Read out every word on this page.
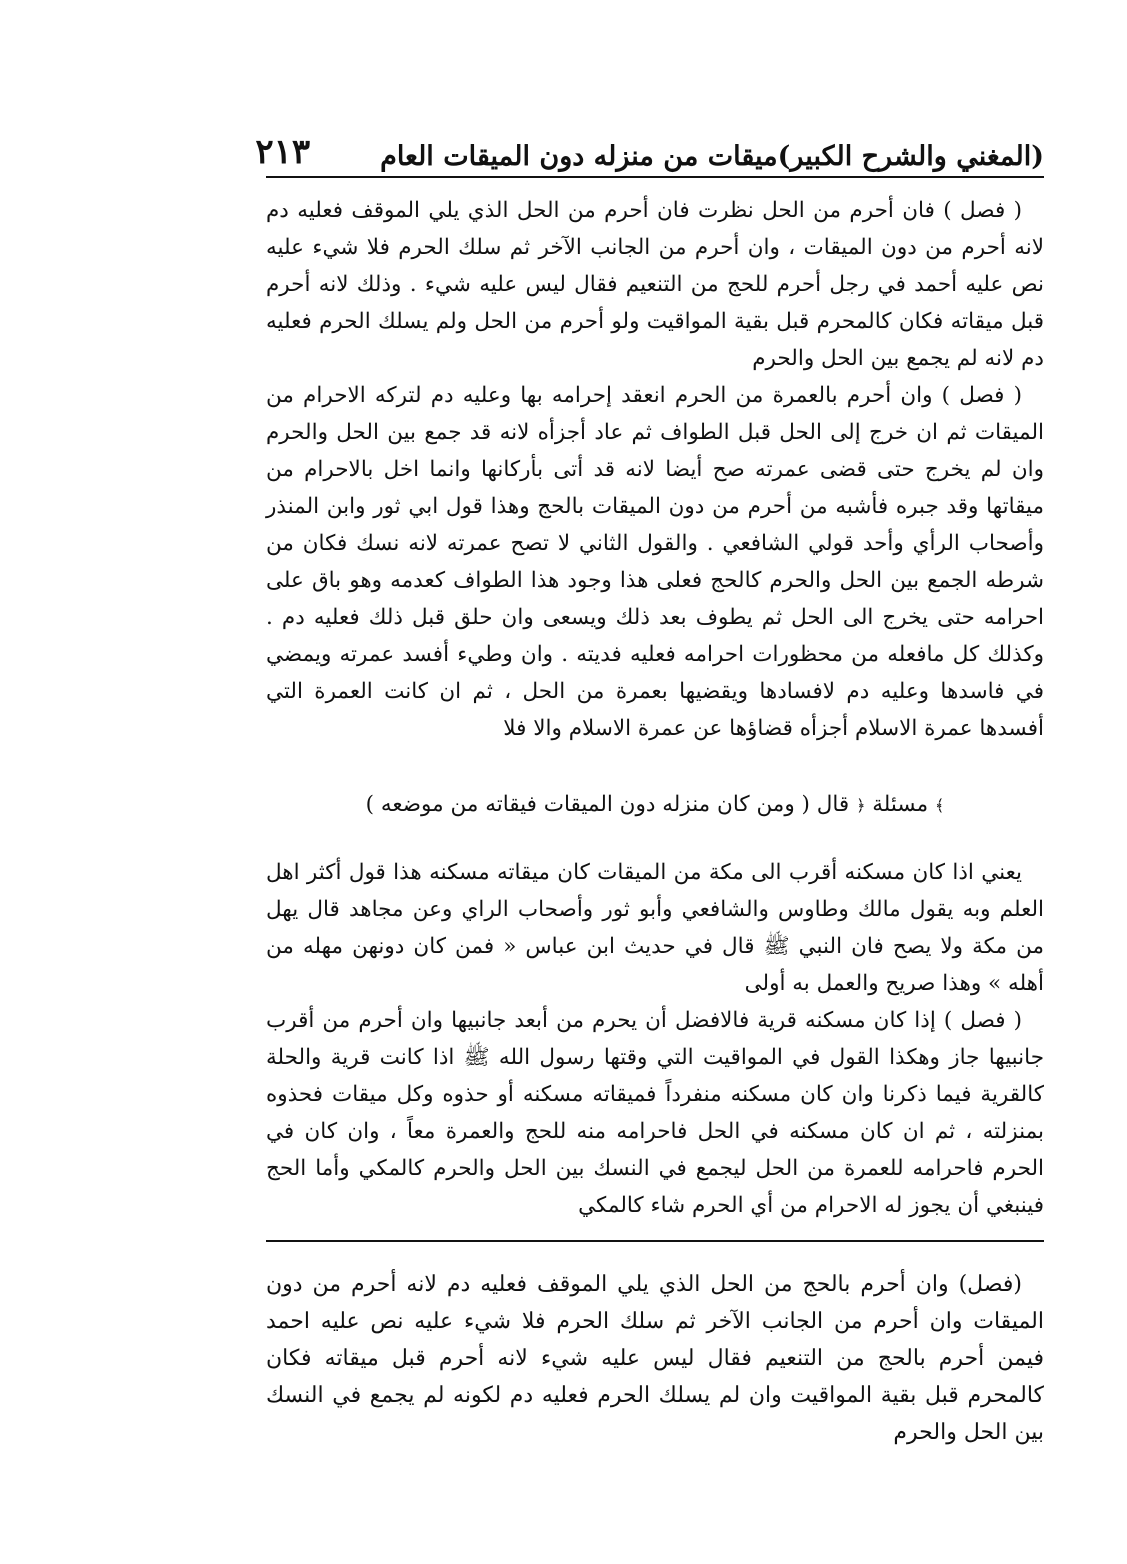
(المغني والشرح الكبير)
ميقات من منزله دون الميقات العام
٢١٣

( فصل ) فان أحرم من الحل نظرت فان أحرم من الحل الذي يلي الموقف فعليه دم لانه أحرم من دون الميقات ، وان أحرم من الجانب الآخر ثم سلك الحرم فلا شيء عليه نص عليه أحمد في رجل أحرم للحج من التنعيم فقال ليس عليه شيء . وذلك لانه أحرم قبل ميقاته فكان كالمحرم قبل بقية المواقيت ولو أحرم من الحل ولم يسلك الحرم فعليه دم لانه لم يجمع بين الحل والحرم

( فصل ) وان أحرم بالعمرة من الحرم انعقد إحرامه بها وعليه دم لتركه الاحرام من الميقات ثم ان خرج إلى الحل قبل الطواف ثم عاد أجزأه لانه قد جمع بين الحل والحرم وان لم يخرج حتى قضى عمرته صح أيضا لانه قد أتى بأركانها وانما اخل بالاحرام من ميقاتها وقد جبره فأشبه من أحرم من دون الميقات بالحج وهذا قول ابي ثور وابن المنذر وأصحاب الرأي وأحد قولي الشافعي . والقول الثاني لا تصح عمرته لانه نسك فكان من شرطه الجمع بين الحل والحرم كالحج فعلى هذا وجود هذا الطواف كعدمه وهو باق على احرامه حتى يخرج الى الحل ثم يطوف بعد ذلك ويسعى وان حلق قبل ذلك فعليه دم . وكذلك كل مافعله من محظورات احرامه فعليه فديته . وان وطيء أفسد عمرته ويمضي في فاسدها وعليه دم لافسادها ويقضيها بعمرة من الحل ، ثم ان كانت العمرة التي أفسدها عمرة الاسلام أجزأه قضاؤها عن عمرة الاسلام والا فلا

﴾ مسئلة ﴿ قال ( ومن كان منزله دون الميقات فيقاته من موضعه )

يعني اذا كان مسكنه أقرب الى مكة من الميقات كان ميقاته مسكنه هذا قول أكثر اهل العلم وبه يقول مالك وطاوس والشافعي وأبو ثور وأصحاب الراي وعن مجاهد قال يهل من مكة ولا يصح فان النبي ﷺ قال في حديث ابن عباس « فمن كان دونهن مهله من أهله » وهذا صريح والعمل به أولى

( فصل ) إذا كان مسكنه قرية فالافضل أن يحرم من أبعد جانبيها وان أحرم من أقرب جانبيها جاز وهكذا القول في المواقيت التي وقتها رسول الله ﷺ اذا كانت قرية والحلة كالقرية فيما ذكرنا وان كان مسكنه منفرداً فميقاته مسكنه أو حذوه وكل ميقات فحذوه بمنزلته ، ثم ان كان مسكنه في الحل فاحرامه منه للحج والعمرة معاً ، وان كان في الحرم فاحرامه للعمرة من الحل ليجمع في النسك بين الحل والحرم كالمكي وأما الحج فينبغي أن يجوز له الاحرام من أي الحرم شاء كالمكي

(فصل) وان أحرم بالحج من الحل الذي يلي الموقف فعليه دم لانه أحرم من دون الميقات وان أحرم من الجانب الآخر ثم سلك الحرم فلا شيء عليه نص عليه احمد فيمن أحرم بالحج من التنعيم فقال ليس عليه شيء لانه أحرم قبل ميقاته فكان كالمحرم قبل بقية المواقيت وان لم يسلك الحرم فعليه دم لكونه لم يجمع في النسك بين الحل والحرم
